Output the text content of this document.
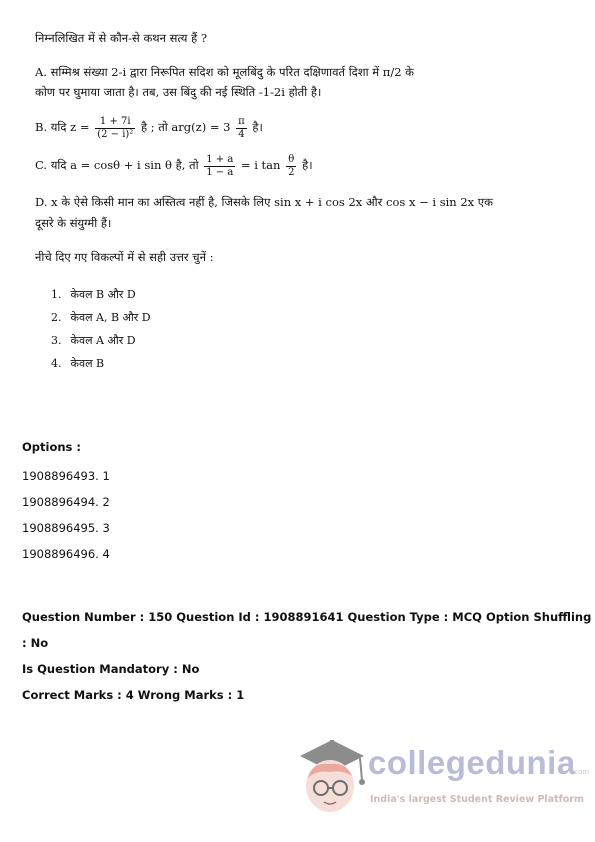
निम्नलिखित में से कौन-से कथन सत्य हैं ?

A. सम्मिश्र संख्या 2-i द्वारा निरूपित सदिश को मूलबिंदु के परित दक्षिणावर्त दिशा में π/2 के

कोण पर घुमाया जाता है। तब, उस बिंदु की नई स्थिति -1-2i होती है।

B. यदि $z = \frac{1 + 7i}{\text{(2 − i)²}}$ है ; तो $arg(z) = 3 \frac{\pi}{4}$ है।

C. यदि a = cosθ + i sin θ है, तो $\frac{1 + a}{1 - a} = i$ $\tan \frac{\theta}{2}$ है।

D. x के ऐसे किसी मान का अस्तित्व नहीं है, जिसके लिए sin x + i cos 2x और cos x − i sin 2x एक

दूसरे के संयुग्मी हैं।

नीचे दिए गए विकल्पों में से सही उत्तर चुनें :

1. केवल B और D
2. केवल A, B और D
3. केवल A और D
4. केवल B
Options :
1908896493. 1
1908896494. 2
1908896495. 3
1908896496. 4
Question Number : 150 Question Id : 1908891641 Question Type : MCQ Option Shuffling : No
Is Question Mandatory : No
Correct Marks : 4 Wrong Marks : 1
collegedunia
.com
India's largest Student Review Platform
